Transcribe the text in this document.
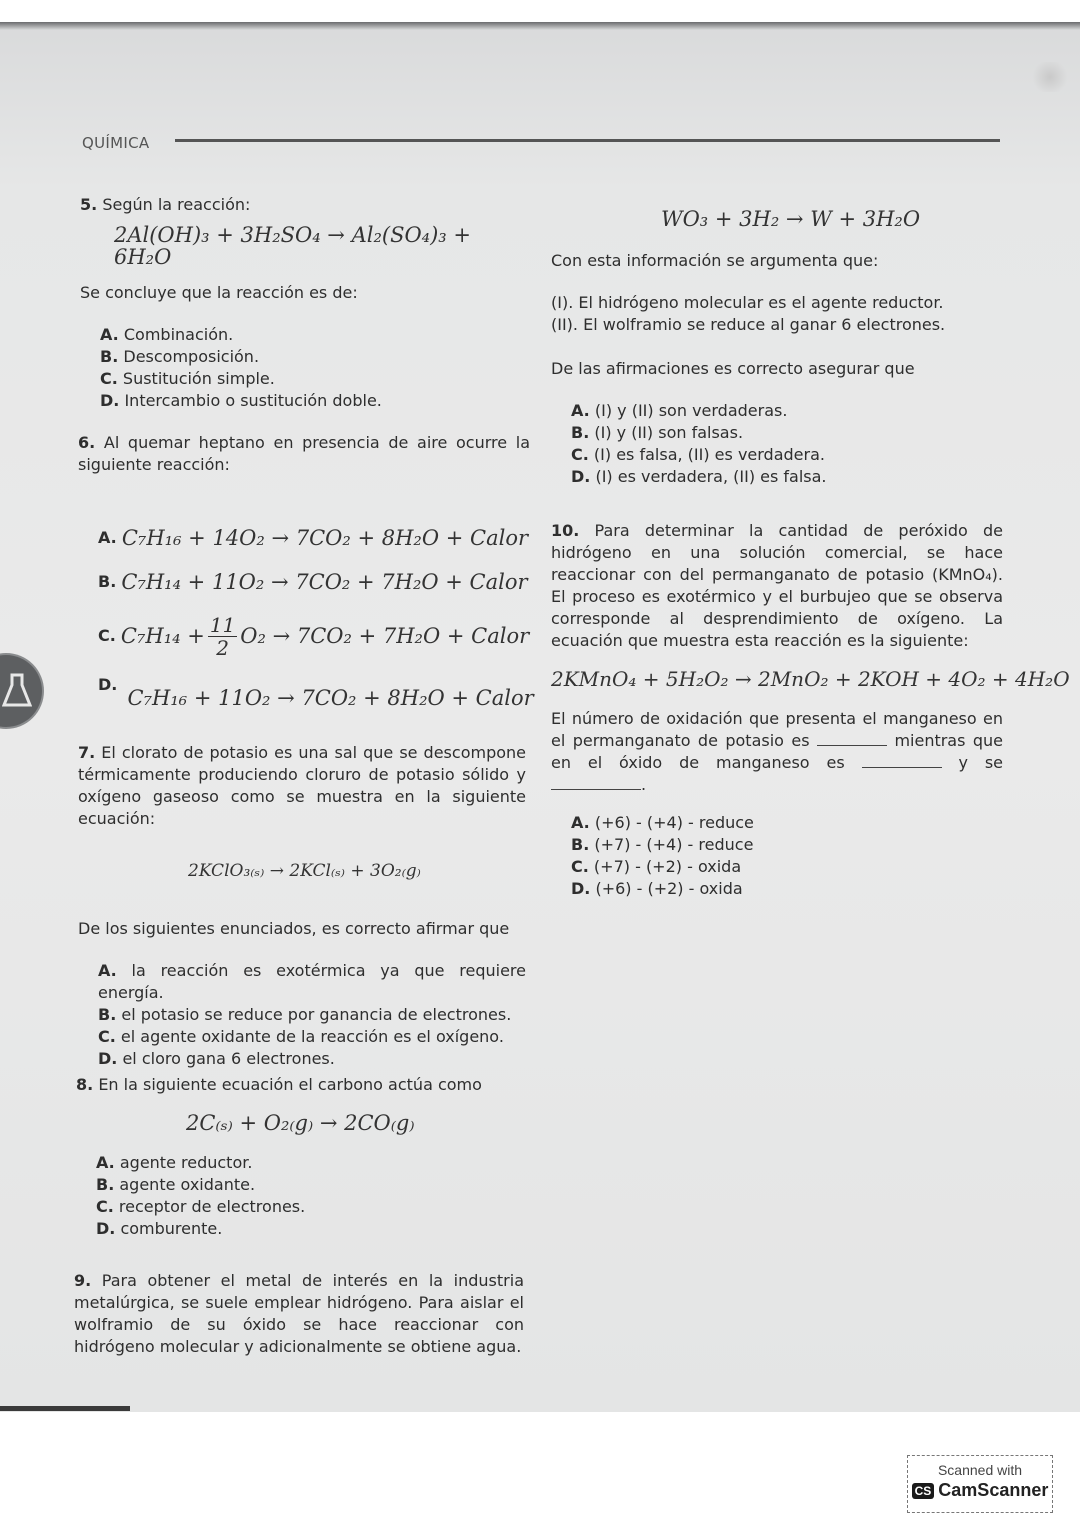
QUÍMICA

5. Según la reacción:

2Al(OH)₃ + 3H₂SO₄ → Al₂(SO₄)₃ + 6H₂O

Se concluye que la reacción es de:

A. Combinación.
B. Descomposición.
C. Sustitución simple.
D. Intercambio o sustitución doble.

6. Al quemar heptano en presencia de aire ocurre la siguiente reacción:

A.
C₇H₁₆ + 14O₂ → 7CO₂ + 8H₂O + Calor
B.
C₇H₁₄ + 11O₂ → 7CO₂ + 7H₂O + Calor
C.
$C_7H_{14} + \frac{11}{2} O_2 \to 7CO_2 + 7H_2O$ + Calor
D.

C₇H₁₆ + 11O₂ → 7CO₂ + 8H₂O + Calor

7. El clorato de potasio es una sal que se descompone térmicamente produciendo cloruro de potasio sólido y oxígeno gaseoso como se muestra en la siguiente ecuación:

2KClO₃₍ₛ₎ → 2KCl₍ₛ₎ + 3O₂₍g₎

De los siguientes enunciados, es correcto afirmar que

A. la reacción es exotérmica ya que requiere energía.
B. el potasio se reduce por ganancia de electrones.
C. el agente oxidante de la reacción es el oxígeno.
D. el cloro gana 6 electrones.

8. En la siguiente ecuación el carbono actúa como

2C₍ₛ₎ + O₂₍g₎ → 2CO₍g₎
A. agente reductor.
B. agente oxidante.
C. receptor de electrones.
D. comburente.

9. Para obtener el metal de interés en la industria metalúrgica, se suele emplear hidrógeno. Para aislar el wolframio de su óxido se hace reaccionar con hidrógeno molecular y adicionalmente se obtiene agua.

WO₃ + 3H₂ → W + 3H₂O

Con esta información se argumenta que:

(I). El hidrógeno molecular es el agente reductor.

(II). El wolframio se reduce al ganar 6 electrones.

De las afirmaciones es correcto asegurar que

A. (I) y (II) son verdaderas.
B. (I) y (II) son falsas.
C. (I) es falsa, (II) es verdadera.
D. (I) es verdadera, (II) es falsa.

10. Para determinar la cantidad de peróxido de hidrógeno en una solución comercial, se hace reaccionar con del permanganato de potasio (KMnO₄). El proceso es exotérmico y el burbujeo que se observa corresponde al desprendimiento de oxígeno. La ecuación que muestra esta reacción es la siguiente:

2KMnO₄ + 5H₂O₂ → 2MnO₂ + 2KOH + 4O₂ + 4H₂O

El número de oxidación que presenta el manganeso en el permanganato de potasio es	mientras que en el óxido de manganeso es	y se .

A. (+6) - (+4) - reduce
B. (+7) - (+4) - reduce
C. (+7) - (+2) - oxida
D. (+6) - (+2) - oxida
Scanned with
CS CamScanner
